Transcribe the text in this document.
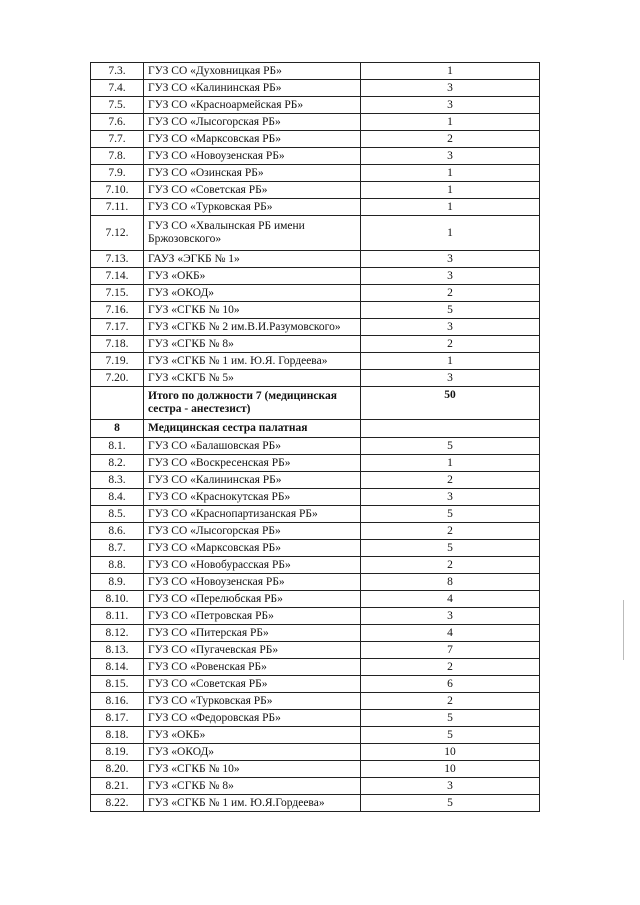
7.3.	ГУЗ СО «Духовницкая РБ»	1
7.4.	ГУЗ СО «Калининская РБ»	3
7.5.	ГУЗ СО «Красноармейская РБ»	3
7.6.	ГУЗ СО «Лысогорская РБ»	1
7.7.	ГУЗ СО «Марксовская РБ»	2
7.8.	ГУЗ СО «Новоузенская РБ»	3
7.9.	ГУЗ СО «Озинская РБ»	1
7.10.	ГУЗ СО «Советская РБ»	1
7.11.	ГУЗ СО «Турковская РБ»	1
7.12.	ГУЗ СО «Хвалынская РБ имени Бржозовского»	1
7.13.	ГАУЗ «ЭГКБ № 1»	3
7.14.	ГУЗ «ОКБ»	3
7.15.	ГУЗ «ОКОД»	2
7.16.	ГУЗ «СГКБ № 10»	5
7.17.	ГУЗ «СГКБ № 2 им.В.И.Разумовского»	3
7.18.	ГУЗ «СГКБ № 8»	2
7.19.	ГУЗ «СГКБ № 1 им. Ю.Я. Гордеева»	1
7.20.	ГУЗ «СКГБ № 5»	3
	Итого по должности 7 (медицинская сестра - анестезист)	50
8	Медицинская сестра палатная	
8.1.	ГУЗ СО «Балашовская РБ»	5
8.2.	ГУЗ СО «Воскресенская РБ»	1
8.3.	ГУЗ СО «Калининская РБ»	2
8.4.	ГУЗ СО «Краснокутская РБ»	3
8.5.	ГУЗ СО «Краснопартизанская РБ»	5
8.6.	ГУЗ СО «Лысогорская РБ»	2
8.7.	ГУЗ СО «Марксовская РБ»	5
8.8.	ГУЗ СО «Новобурасская РБ»	2
8.9.	ГУЗ СО «Новоузенская РБ»	8
8.10.	ГУЗ СО «Перелюбская РБ»	4
8.11.	ГУЗ СО «Петровская РБ»	3
8.12.	ГУЗ СО «Питерская РБ»	4
8.13.	ГУЗ СО «Пугачевская РБ»	7
8.14.	ГУЗ СО «Ровенская РБ»	2
8.15.	ГУЗ СО «Советская РБ»	6
8.16.	ГУЗ СО «Турковская РБ»	2
8.17.	ГУЗ СО «Федоровская РБ»	5
8.18.	ГУЗ «ОКБ»	5
8.19.	ГУЗ «ОКОД»	10
8.20.	ГУЗ «СГКБ № 10»	10
8.21.	ГУЗ «СГКБ № 8»	3
8.22.	ГУЗ «СГКБ № 1 им. Ю.Я.Гордеева»	5
